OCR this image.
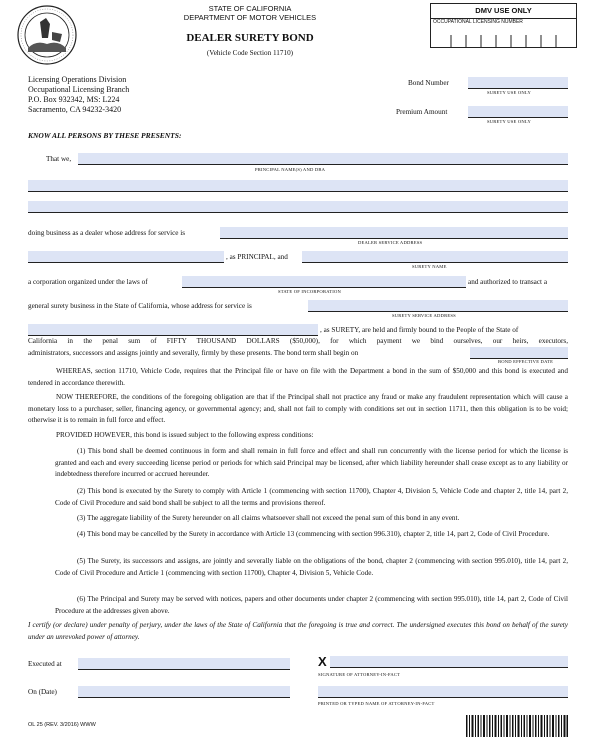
STATE OF CALIFORNIA
DEPARTMENT OF MOTOR VEHICLES
DEALER SURETY BOND
(Vehicle Code Section 11710)
DMV USE ONLY
OCCUPATIONAL LICENSING NUMBER
Licensing Operations Division
Occupational Licensing Branch
P.O. Box 932342, MS: L224
Sacramento, CA 94232-3420
Bond Number
SURETY USE ONLY
Premium Amount
SURETY USE ONLY
KNOW ALL PERSONS BY THESE PRESENTS:
That we,
PRINCIPAL NAME(S) AND DBA
doing business as a dealer whose address for service is
DEALER SERVICE ADDRESS
, as PRINCIPAL, and
SURETY NAME
a corporation organized under the laws of	and authorized to transact a
STATE OF INCORPORATION
general surety business in the State of California, whose address for service is
SURETY SERVICE ADDRESS
, as SURETY, are held and firmly bound to the People of the State of
California in the penal sum of FIFTY THOUSAND DOLLARS ($50,000), for which payment we bind ourselves, our heirs, executors,
administrators, successors and assigns jointly and severally, firmly by these presents. The bond term shall begin on
BOND EFFECTIVE DATE
WHEREAS, section 11710, Vehicle Code, requires that the Principal file or have on file with the Department a bond in the sum of $50,000 and this bond is executed and tendered in accordance therewith.
NOW THEREFORE, the conditions of the foregoing obligation are that if the Principal shall not practice any fraud or make any fraudulent representation which will cause a monetary loss to a purchaser, seller, financing agency, or governmental agency; and, shall not fail to comply with conditions set out in section 11711, then this obligation is to be void; otherwise it is to remain in full force and effect.
PROVIDED HOWEVER, this bond is issued subject to the following express conditions:
(1) This bond shall be deemed continuous in form and shall remain in full force and effect and shall run concurrently with the license period for which the license is granted and each and every succeeding license period or periods for which said Principal may be licensed, after which liability hereunder shall cease except as to any liability or indebtedness therefore incurred or accrued hereunder.
(2) This bond is executed by the Surety to comply with Article 1 (commencing with section 11700), Chapter 4, Division 5, Vehicle Code and chapter 2, title 14, part 2, Code of Civil Procedure and said bond shall be subject to all the terms and provisions thereof.
(3) The aggregate liability of the Surety hereunder on all claims whatsoever shall not exceed the penal sum of this bond in any event.
(4) This bond may be cancelled by the Surety in accordance with Article 13 (commencing with section 996.310), chapter 2, title 14, part 2, Code of Civil Procedure.
(5) The Surety, its successors and assigns, are jointly and severally liable on the obligations of the bond, chapter 2 (commencing with section 995.010), title 14, part 2, Code of Civil Procedure and Article 1 (commencing with section 11700), Chapter 4, Division 5, Vehicle Code.
(6) The Principal and Surety may be served with notices, papers and other documents under chapter 2 (commencing with section 995.010), title 14, part 2, Code of Civil Procedure at the addresses given above.
I certify (or declare) under penalty of perjury, under the laws of the State of California that the foregoing is true and correct. The undersigned executes this bond on behalf of the surety under an unrevoked power of attorney.
Executed at
On (Date)
X
SIGNATURE OF ATTORNEY-IN-FACT
PRINTED OR TYPED NAME OF ATTORNEY-IN-FACT
OL 25 (REV. 3/2016) WWW
